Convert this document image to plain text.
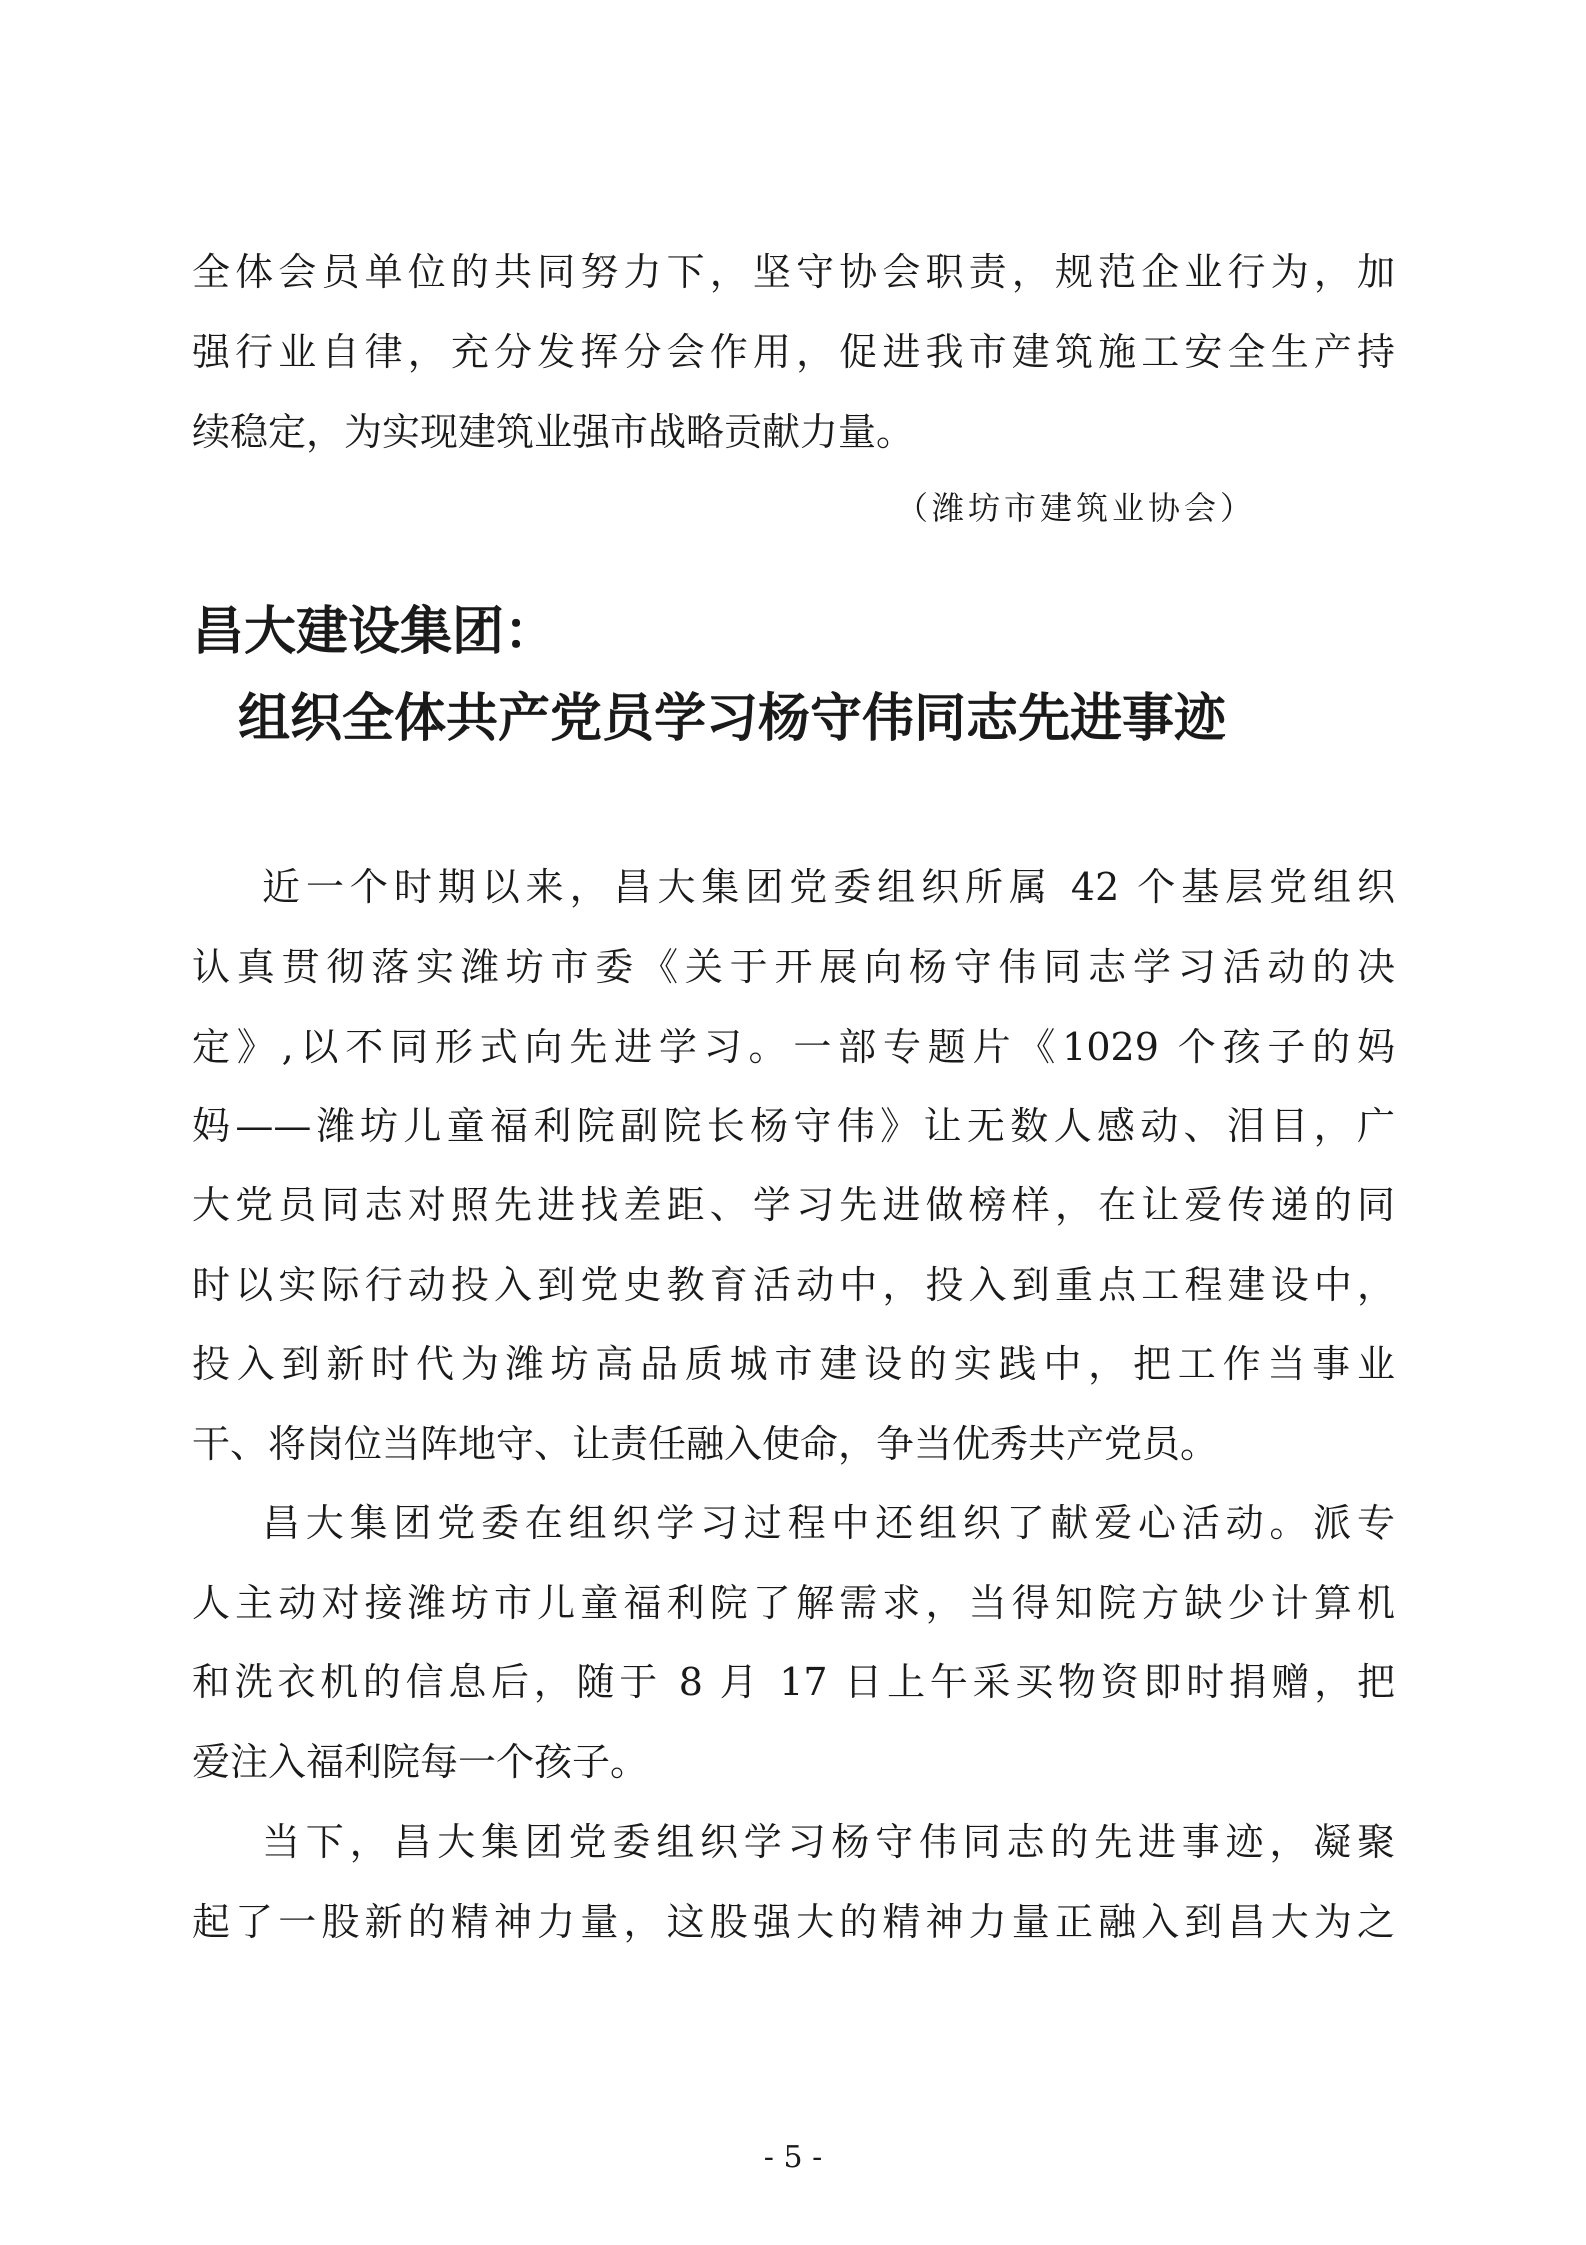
全体会员单位的共同努力下，坚守协会职责，规范企业行为，加
强行业自律，充分发挥分会作用，促进我市建筑施工安全生产持
续稳定，为实现建筑业强市战略贡献力量。
（潍坊市建筑业协会）
昌大建设集团：
组织全体共产党员学习杨守伟同志先进事迹
近一个时期以来，昌大集团党委组织所属 42 个基层党组织
认真贯彻落实潍坊市委《关于开展向杨守伟同志学习活动的决
定》,以不同形式向先进学习。一部专题片《1029 个孩子的妈
妈——潍坊儿童福利院副院长杨守伟》让无数人感动、泪目，广
大党员同志对照先进找差距、学习先进做榜样，在让爱传递的同
时以实际行动投入到党史教育活动中，投入到重点工程建设中，
投入到新时代为潍坊高品质城市建设的实践中，把工作当事业
干、将岗位当阵地守、让责任融入使命，争当优秀共产党员。
昌大集团党委在组织学习过程中还组织了献爱心活动。派专
人主动对接潍坊市儿童福利院了解需求，当得知院方缺少计算机
和洗衣机的信息后，随于 8 月 17 日上午采买物资即时捐赠，把
爱注入福利院每一个孩子。
当下，昌大集团党委组织学习杨守伟同志的先进事迹，凝聚
起了一股新的精神力量，这股强大的精神力量正融入到昌大为之
- 5 -
